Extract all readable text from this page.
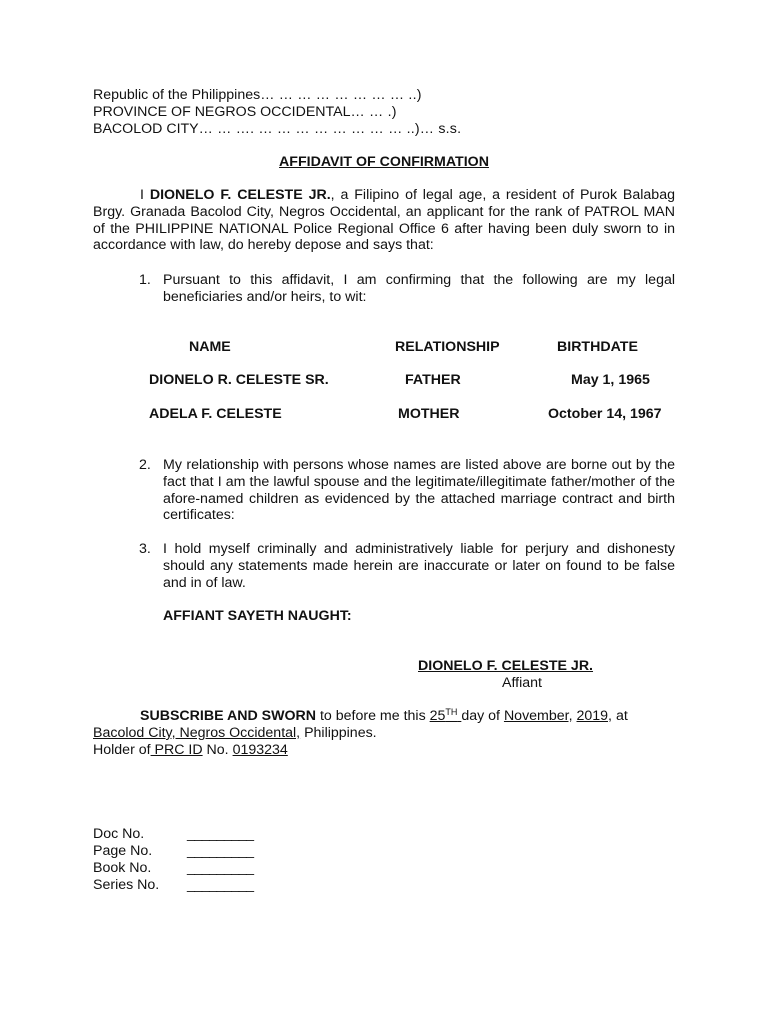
Republic of the Philippines… … … … … … … … ..)
PROVINCE OF NEGROS OCCIDENTAL… … .)
BACOLOD CITY… … …. … … … … … … … … ..)… s.s.
AFFIDAVIT OF CONFIRMATION
I DIONELO F. CELESTE JR., a Filipino of legal age, a resident of Purok Balabag Brgy. Granada Bacolod City, Negros Occidental, an applicant for the rank of PATROL MAN of the PHILIPPINE NATIONAL Police Regional Office 6 after having been duly sworn to in accordance with law, do hereby depose and says that:
1. Pursuant to this affidavit, I am confirming that the following are my legal beneficiaries and/or heirs, to wit:
NAME	RELATIONSHIP	BIRTHDATE
DIONELO R. CELESTE SR.	FATHER	May 1, 1965
ADELA F. CELESTE	MOTHER	October 14, 1967
2. My relationship with persons whose names are listed above are borne out by the fact that I am the lawful spouse and the legitimate/illegitimate father/mother of the afore-named children as evidenced by the attached marriage contract and birth certificates:
3. I hold myself criminally and administratively liable for perjury and dishonesty should any statements made herein are inaccurate or later on found to be false and in of law.
AFFIANT SAYETH NAUGHT:
DIONELO F. CELESTE JR.
Affiant
SUBSCRIBE AND SWORN to before me this 25TH day of November, 2019, at
Bacolod City, Negros Occidental, Philippines.
Holder of PRC ID No. 0193234
Doc No.	_________
Page No. _________
Book No.	_________
Series No. _________
